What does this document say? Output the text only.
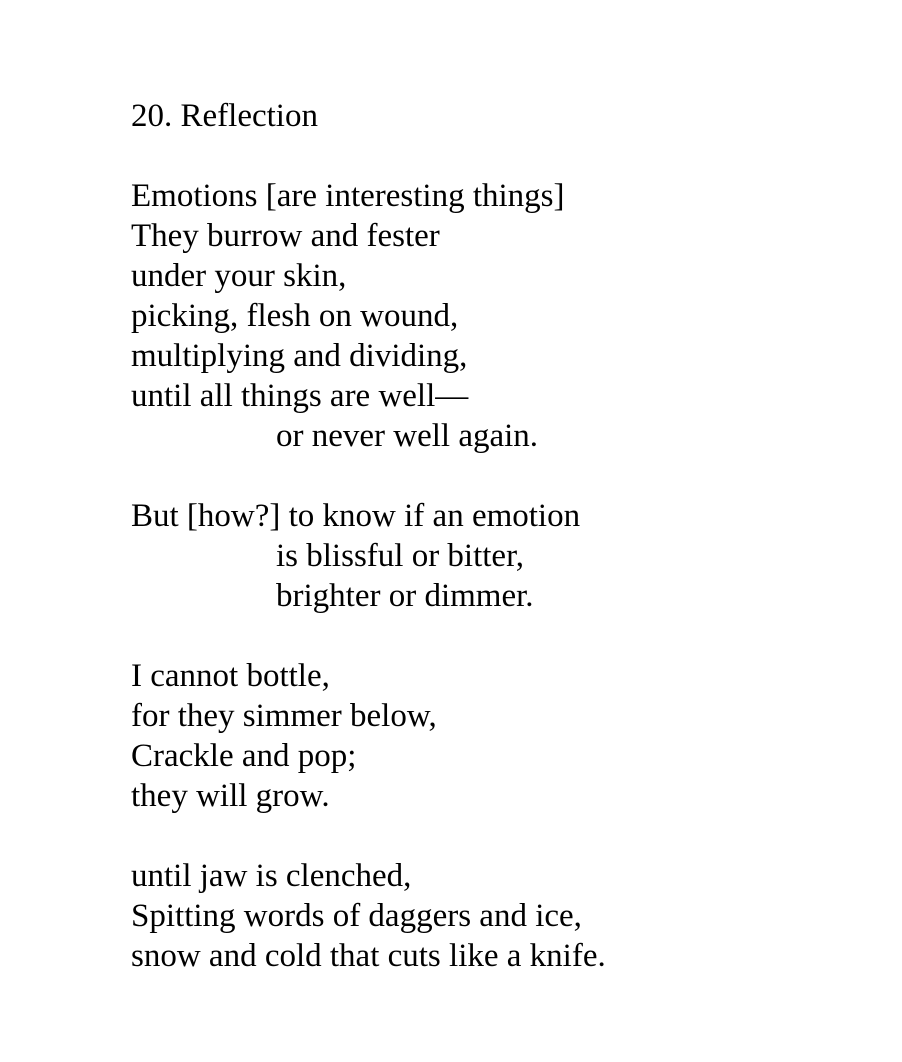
20. Reflection
Emotions [are interesting things]
They burrow and fester
under your skin,
picking, flesh on wound,
multiplying and dividing,
until all things are well—
or never well again.
But [how?] to know if an emotion
is blissful or bitter,
brighter or dimmer.
I cannot bottle,
for they simmer below,
Crackle and pop;
they will grow.
until jaw is clenched,
Spitting words of daggers and ice,
snow and cold that cuts like a knife.
